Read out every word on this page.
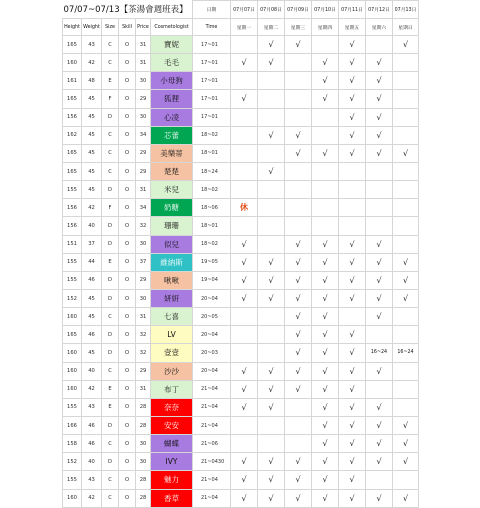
07/07~07/13【茶湯會週班表】						日期	07月07日	07月08日	07月09日	07月10日	07月11日	07月12日	07月13日
Height	Weight	Size	Skill	Price	Cosmetologist	Time	星期一	星期二	星期三	星期四	星期五	星期六	星期日
165	43	C	O	31	寶妮	17~01		√	√		√		√
160	42	C	O	31	毛毛	17~01	√	√		√	√	√	
161	48	E	O	30	小母狗	17~01				√	√	√	
165	45	F	O	29	狐狸	17~01	√			√	√	√	
156	45	D	O	30	心凌	17~01					√	√	
162	45	C	O	34	芯蕾	18~02		√	√		√	√	
165	45	C	O	29	美樂蒂	18~01			√	√	√	√	√
165	45	C	O	29	楚楚	18~24		√					
155	45	D	O	31	米兒	18~02							
156	42	F	O	34	奶糖	18~06	休						
156	40	D	O	32	珊珊	18~01							
151	37	D	O	30	似兒	18~02	√		√	√	√	√	
155	44	E	O	37	維納斯	19~05	√	√	√	√	√	√	√
155	46	D	O	29	啾啾	19~04	√	√	√	√	√	√	√
152	45	D	O	30	妍妍	20~04	√	√	√	√	√	√	√
160	45	C	O	31	七喜	20~05			√	√		√	
165	46	D	O	32	LV	20~04			√	√	√		
160	45	D	O	32	壹壹	20~03			√	√	√	16~24	16~24
160	40	C	O	29	沙沙	20~04	√	√	√	√	√	√	
160	42	E	O	31	布丁	21~04	√	√	√	√	√		
155	43	E	O	28	奈奈	21~04	√	√		√	√	√	
166	46	D	O	28	安安	21~04				√	√	√	√
158	46	C	O	30	蝴蝶	21~06				√	√	√	√
152	40	D	O	30	IVY	21~0430	√	√	√	√	√	√	√
155	43	C	O	28	魅力	21~04	√	√	√	√	√		
160	42	C	O	28	香草	21~04	√	√	√	√	√	√	√
